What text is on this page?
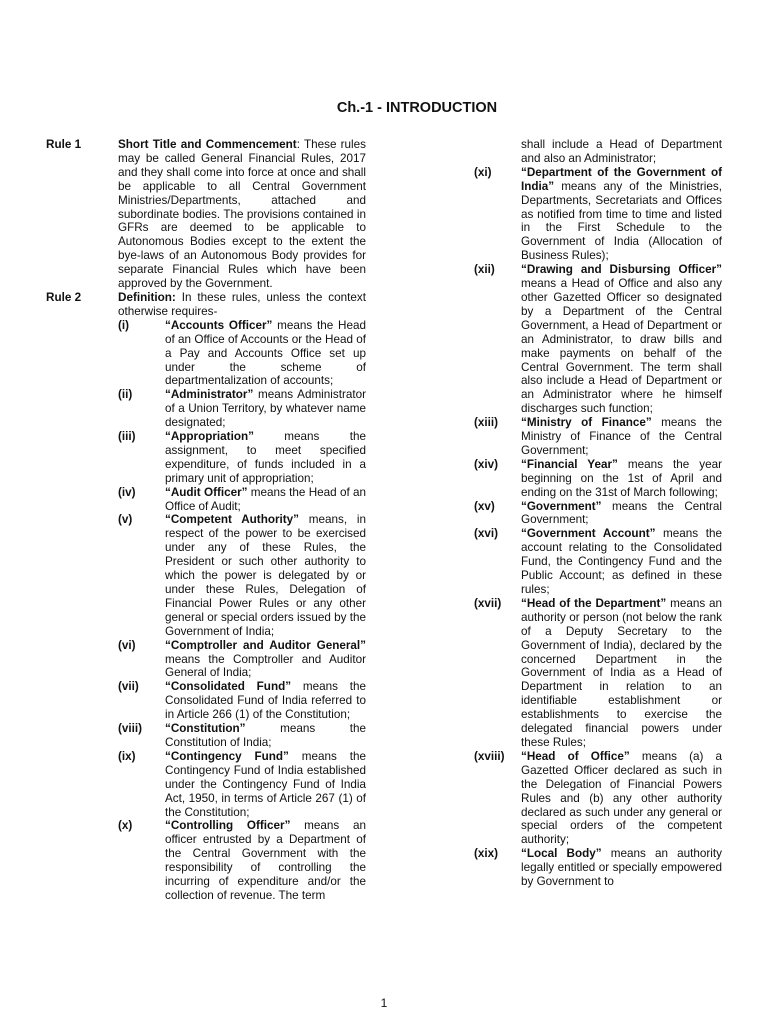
Ch.-1 - INTRODUCTION
Rule 1	Short Title and Commencement: These rules may be called General Financial Rules, 2017 and they shall come into force at once and shall be applicable to all Central Government Ministries/Departments, attached and subordinate bodies. The provisions contained in GFRs are deemed to be applicable to Autonomous Bodies except to the extent the bye-laws of an Autonomous Body provides for separate Financial Rules which have been approved by the Government.
Rule 2	Definition: In these rules, unless the context otherwise requires-
(i)	“Accounts Officer” means the Head of an Office of Accounts or the Head of a Pay and Accounts Office set up under the scheme of departmentalization of accounts;
(ii)	“Administrator” means Administrator of a Union Territory, by whatever name designated;
(iii)	“Appropriation” means the assignment, to meet specified expenditure, of funds included in a primary unit of appropriation;
(iv)	“Audit Officer” means the Head of an Office of Audit;
(v)	“Competent Authority” means, in respect of the power to be exercised under any of these Rules, the President or such other authority to which the power is delegated by or under these Rules, Delegation of Financial Power Rules or any other general or special orders issued by the Government of India;
(vi)	“Comptroller and Auditor General” means the Comptroller and Auditor General of India;
(vii)	“Consolidated Fund” means the Consolidated Fund of India referred to in Article 266 (1) of the Constitution;
(viii)	“Constitution” means the Constitution of India;
(ix)	“Contingency Fund” means the Contingency Fund of India established under the Contingency Fund of India Act, 1950, in terms of Article 267 (1) of the Constitution;
(x)	“Controlling Officer” means an officer entrusted by a Department of the Central Government with the responsibility of controlling the incurring of expenditure and/or the collection of revenue. The term
shall include a Head of Department and also an Administrator;
(xi)	“Department of the Government of India” means any of the Ministries, Departments, Secretariats and Offices as notified from time to time and listed in the First Schedule to the Government of India (Allocation of Business Rules);
(xii)	“Drawing and Disbursing Officer” means a Head of Office and also any other Gazetted Officer so designated by a Department of the Central Government, a Head of Department or an Administrator, to draw bills and make payments on behalf of the Central Government. The term shall also include a Head of Department or an Administrator where he himself discharges such function;
(xiii)	“Ministry of Finance” means the Ministry of Finance of the Central Government;
(xiv)	“Financial Year” means the year beginning on the 1st of April and ending on the 31st of March following;
(xv)	“Government” means the Central Government;
(xvi)	“Government Account” means the account relating to the Consolidated Fund, the Contingency Fund and the Public Account; as defined in these rules;
(xvii)	“Head of the Department” means an authority or person (not below the rank of a Deputy Secretary to the Government of India), declared by the concerned Department in the Government of India as a Head of Department in relation to an identifiable establishment or establishments to exercise the delegated financial powers under these Rules;
(xviii)	“Head of Office” means (a) a Gazetted Officer declared as such in the Delegation of Financial Powers Rules and (b) any other authority declared as such under any general or special orders of the competent authority;
(xix)	“Local Body” means an authority legally entitled or specially empowered by Government to
1
